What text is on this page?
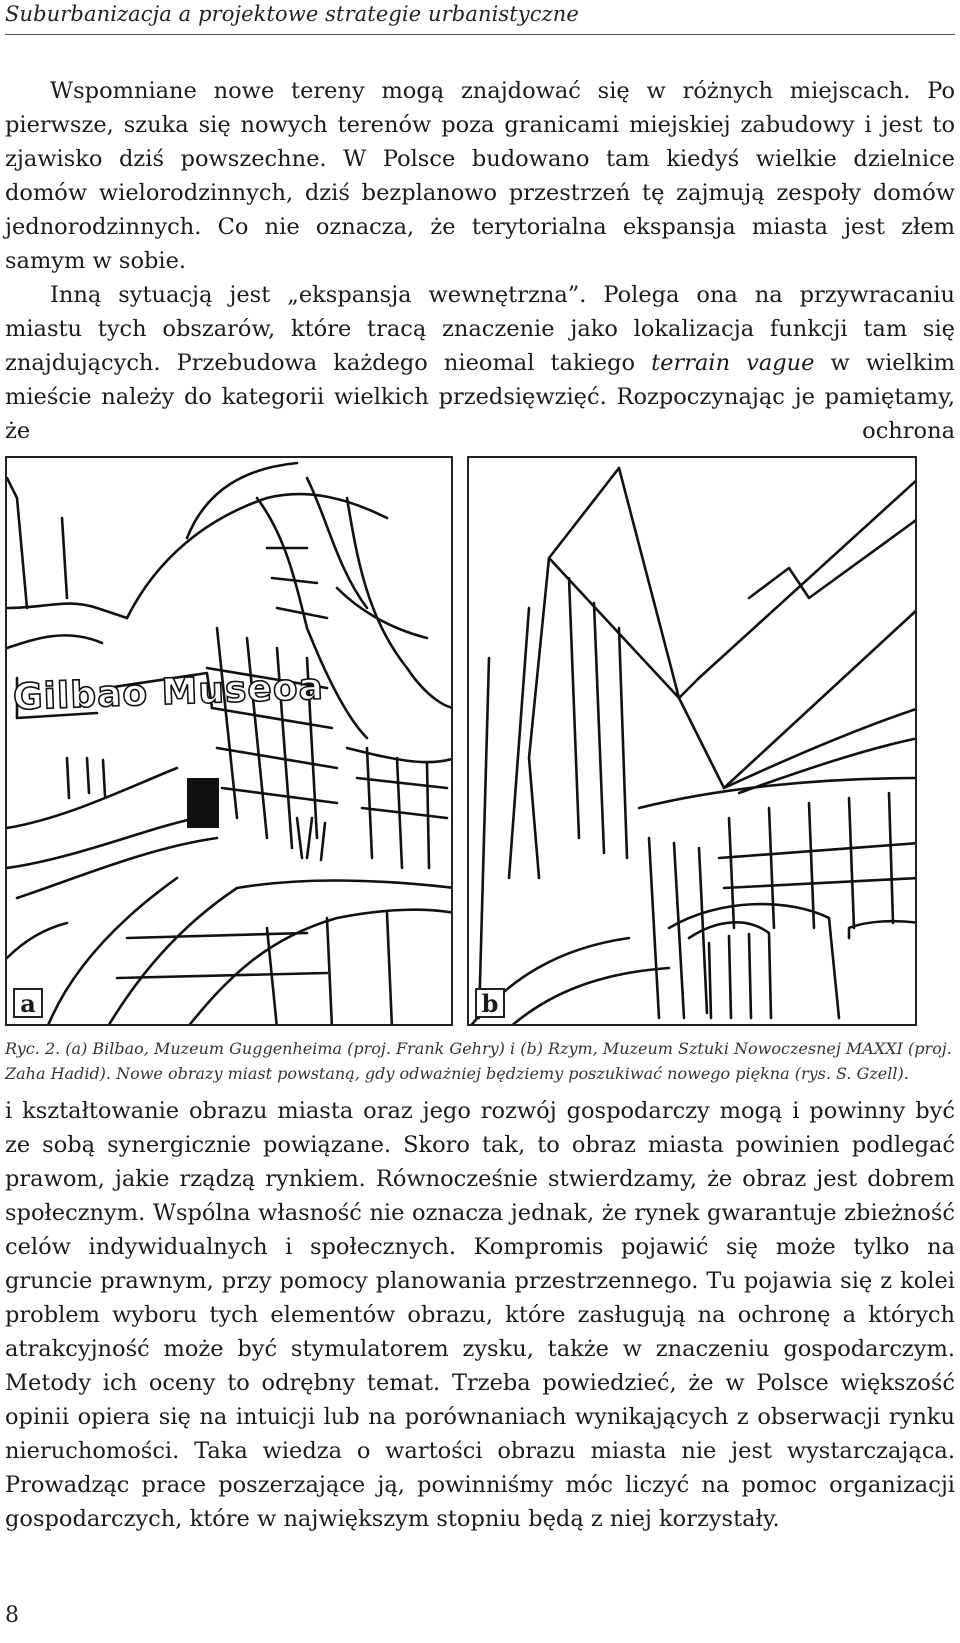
Suburbanizacja a projektowe strategie urbanistyczne

Wspomniane nowe tereny mogą znajdować się w różnych miejscach. Po pierwsze, szuka się nowych terenów poza granicami miejskiej zabudowy i jest to zjawisko dziś powszechne. W Polsce budowano tam kiedyś wielkie dzielnice domów wielorodzinnych, dziś bezplanowo przestrzeń tę zajmują zespoły domów jednorodzinnych. Co nie oznacza, że terytorialna ekspansja miasta jest złem samym w sobie.

Inną sytuacją jest „ekspansja wewnętrzna”. Polega ona na przywracaniu miastu tych obszarów, które tracą znaczenie jako lokalizacja funkcji tam się znajdujących. Przebudowa każdego nieomal takiego terrain vague w wielkim mieście należy do kategorii wielkich przedsięwzięć. Rozpoczynając je pamiętamy, że ochrona

Gilbao Museoa
a	b

Ryc. 2. (a) Bilbao, Muzeum Guggenheima (proj. Frank Gehry) i (b) Rzym, Muzeum Sztuki Nowoczesnej MAXXI (proj.

Zaha Hadid). Nowe obrazy miast powstaną, gdy odważniej będziemy poszukiwać nowego piękna (rys. S. Gzell).

i kształtowanie obrazu miasta oraz jego rozwój gospodarczy mogą i powinny być ze sobą synergicznie powiązane. Skoro tak, to obraz miasta powinien podlegać prawom, jakie rządzą rynkiem. Równocześnie stwierdzamy, że obraz jest dobrem społecznym. Wspólna własność nie oznacza jednak, że rynek gwarantuje zbieżność celów indywidualnych i społecznych. Kompromis pojawić się może tylko na gruncie prawnym, przy pomocy planowania przestrzennego. Tu pojawia się z kolei problem wyboru tych elementów obrazu, które zasługują na ochronę a których atrakcyjność może być stymulatorem zysku, także w znaczeniu gospodarczym. Metody ich oceny to odrębny temat. Trzeba powiedzieć, że w Polsce większość opinii opiera się na intuicji lub na porównaniach wynikających z obserwacji rynku nieruchomości. Taka wiedza o wartości obrazu miasta nie jest wystarczająca. Prowadząc prace poszerzające ją, powinniśmy móc liczyć na pomoc organizacji gospodarczych, które w największym stopniu będą z niej korzystały.

8
